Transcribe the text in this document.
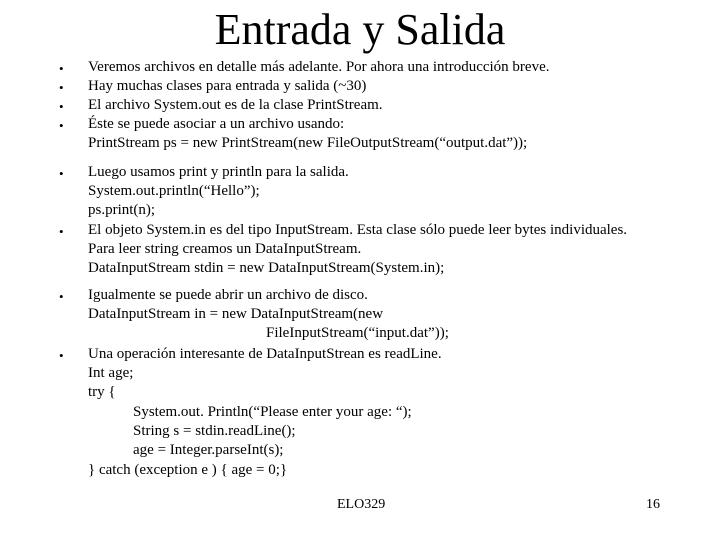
Entrada y Salida
•
•
•
•
•
•
•
•
Veremos archivos en detalle más adelante. Por ahora una introducción breve.
Hay muchas clases para entrada y salida (~30)
El archivo System.out es de la clase PrintStream.
Éste se puede asociar a un archivo usando:
PrintStream ps = new PrintStream(new FileOutputStream(“output.dat”));
Luego usamos print y println para la salida.
System.out.println(“Hello”);
ps.print(n);
El objeto System.in es del tipo InputStream. Esta clase sólo puede leer bytes individuales.
Para leer string creamos un DataInputStream.
DataInputStream stdin = new DataInputStream(System.in);
Igualmente se puede abrir un archivo de disco.
DataInputStream in = new DataInputStream(new
FileInputStream(“input.dat”));
Una operación interesante de DataInputStrean es readLine.
Int age;
try {
System.out. Println(“Please enter your age: “);
String s = stdin.readLine();
age = Integer.parseInt(s);
} catch (exception e ) { age = 0;}
ELO329	16
